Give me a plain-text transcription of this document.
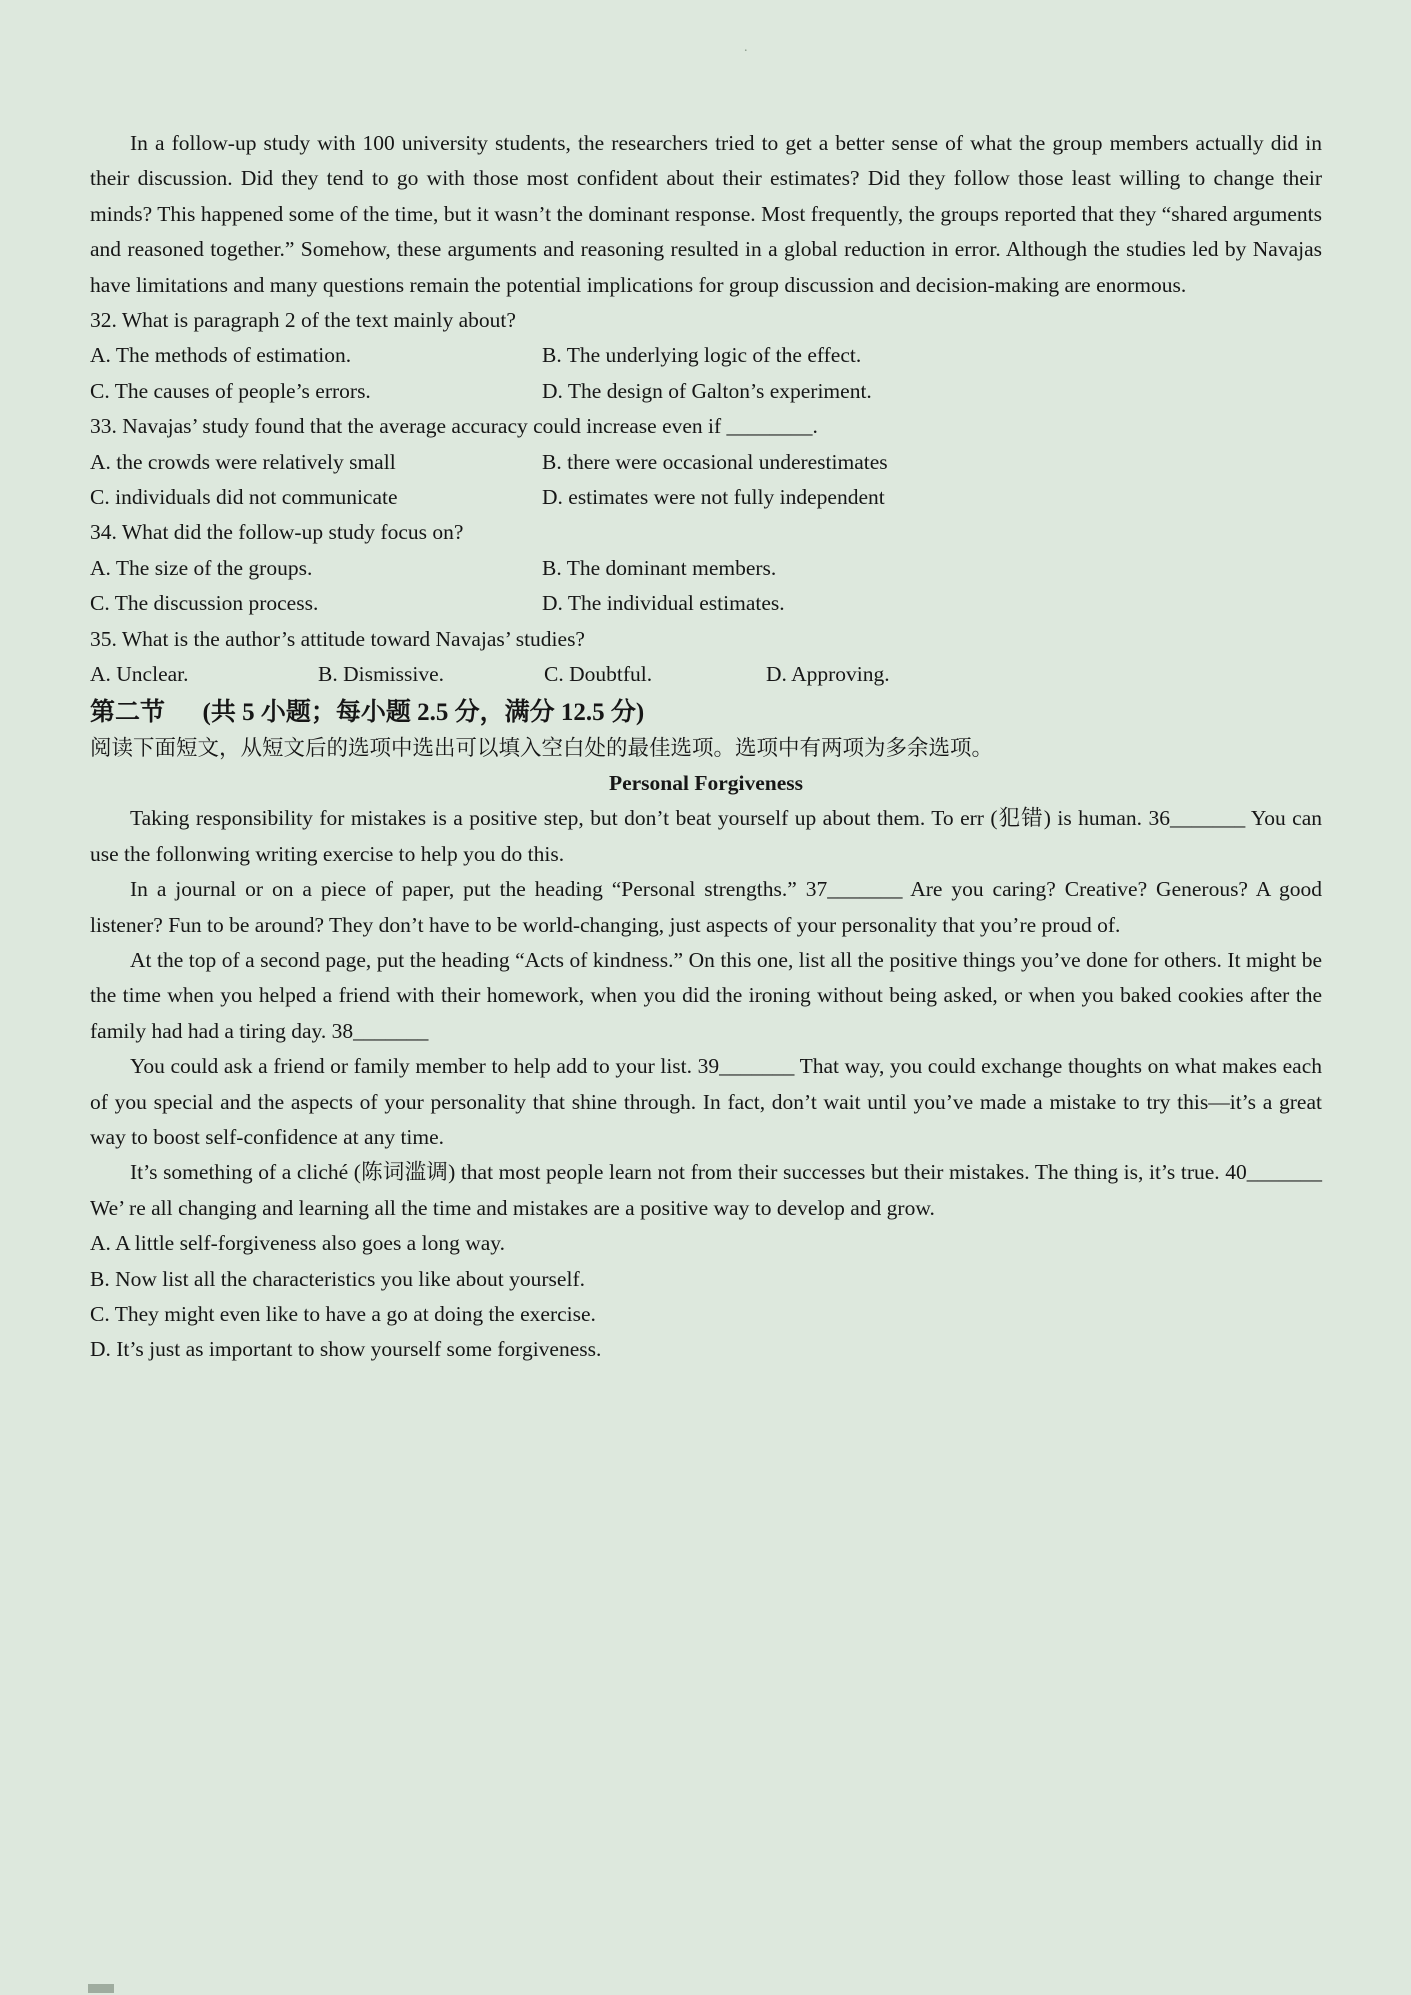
.

In a follow-up study with 100 university students, the researchers tried to get a better sense of what the group members actually did in their discussion. Did they tend to go with those most confident about their estimates? Did they follow those least willing to change their minds? This happened some of the time, but it wasn’t the dominant response. Most frequently, the groups reported that they “shared arguments and reasoned together.” Somehow, these arguments and reasoning resulted in a global reduction in error. Although the studies led by Navajas have limitations and many questions remain the potential implications for group discussion and decision-making are enormous.

32. What is paragraph 2 of the text mainly about?

A. The methods of estimation.	B. The underlying logic of the effect.
C. The causes of people’s errors.	D. The design of Galton’s experiment.

33. Navajas’ study found that the average accuracy could increase even if ________.

A. the crowds were relatively small	B. there were occasional underestimates
C. individuals did not communicate	D. estimates were not fully independent

34. What did the follow-up study focus on?

A. The size of the groups.	B. The dominant members.
C. The discussion process.	D. The individual estimates.

35. What is the author’s attitude toward Navajas’ studies?

A. Unclear.	B. Dismissive.	C. Doubtful.	D. Approving.

第二节      (共 5 小题；每小题 2.5 分，满分 12.5 分)

阅读下面短文，从短文后的选项中选出可以填入空白处的最佳选项。选项中有两项为多余选项。

Personal Forgiveness

Taking responsibility for mistakes is a positive step, but don’t beat yourself up about them. To err (犯错) is human. 36_______ You can use the follonwing writing exercise to help you do this.

In a journal or on a piece of paper, put the heading “Personal strengths.” 37_______ Are you caring? Creative? Generous? A good listener? Fun to be around? They don’t have to be world-changing, just aspects of your personality that you’re proud of.

At the top of a second page, put the heading “Acts of kindness.” On this one, list all the positive things you’ve done for others. It might be the time when you helped a friend with their homework, when you did the ironing without being asked, or when you baked cookies after the family had had a tiring day. 38_______

You could ask a friend or family member to help add to your list. 39_______ That way, you could exchange thoughts on what makes each of you special and the aspects of your personality that shine through. In fact, don’t wait until you’ve made a mistake to try this—it’s a great way to boost self-confidence at any time.

It’s something of a cliché (陈词滥调) that most people learn not from their successes but their mistakes. The thing is, it’s true. 40_______ We’ re all changing and learning all the time and mistakes are a positive way to develop and grow.

A. A little self-forgiveness also goes a long way.

B. Now list all the characteristics you like about yourself.

C. They might even like to have a go at doing the exercise.

D. It’s just as important to show yourself some forgiveness.
